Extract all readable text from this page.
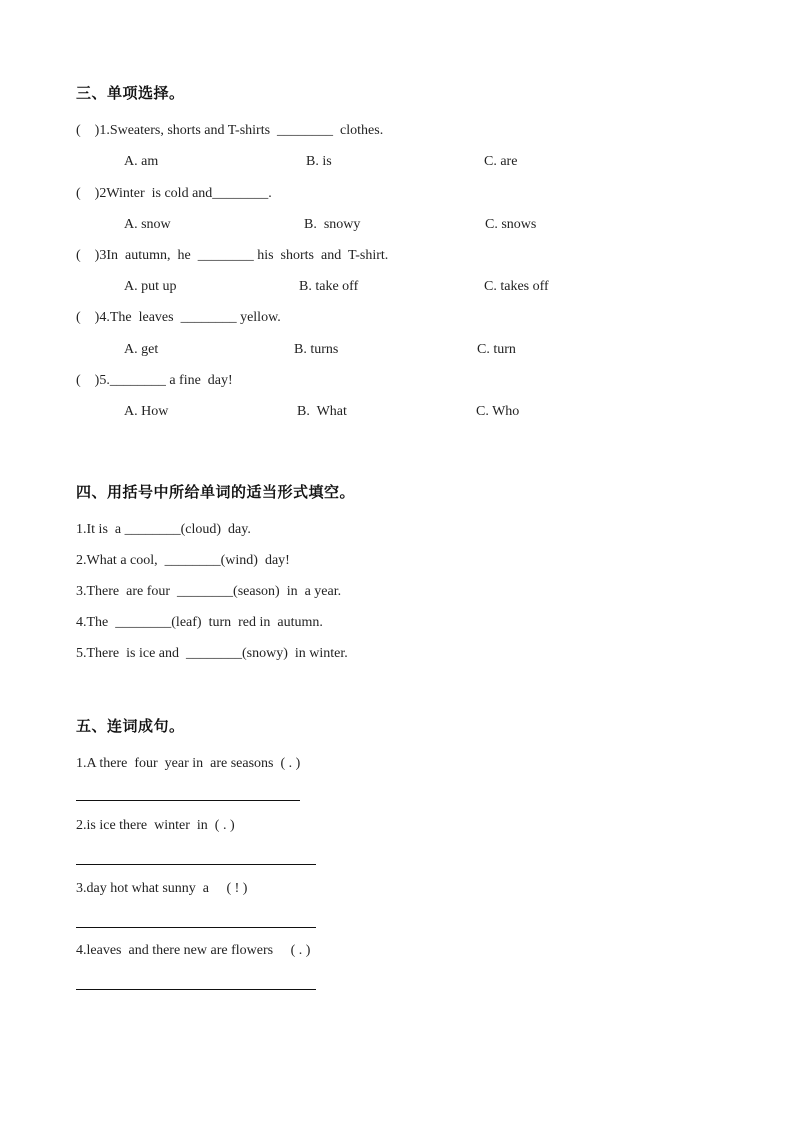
三、单项选择。
(    )1.Sweaters, shorts and T-shirts  ________  clothes.
A. am	B. is	C. are
(    )2Winter  is cold and________.
A. snow	B.  snowy	C. snows
(    )3In  autumn,  he  ________ his  shorts  and  T-shirt.
A. put up	B. take off	C. takes off
(    )4.The  leaves  ________ yellow.
A. get	B. turns	C. turn
(    )5.________ a fine  day!
A. How	B.  What	C. Who
四、用括号中所给单词的适当形式填空。
1.It is  a ________(cloud)  day.
2.What a cool,  ________(wind)  day!
3.There  are four  ________(season)  in  a year.
4.The  ________(leaf)  turn  red in  autumn.
5.There  is ice and  ________(snowy)  in winter.
五、连词成句。
1.A there  four  year in  are seasons  ( . )
2.is ice there  winter  in  ( . )
3.day hot what sunny  a     ( ! )
4.leaves  and there new are flowers     ( . )
